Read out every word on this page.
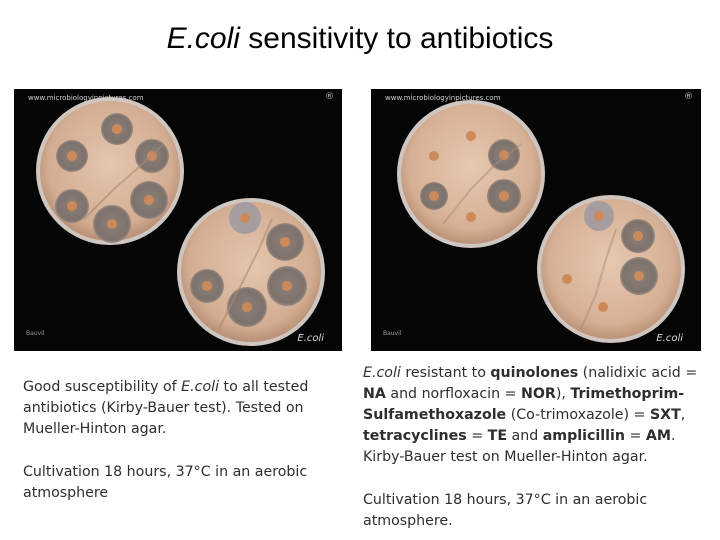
E.coli sensitivity to antibiotics
www.microbiologyinpictures.com	®
Bauvil	E.coli
www.microbiologyinpictures.com	®
Bauvil	E.coli

Good susceptibility of E.coli to all tested antibiotics (Kirby-Bauer test). Tested on Mueller-Hinton agar.

Cultivation 18 hours, 37°C in an aerobic atmosphere

E.coli resistant to quinolones (nalidixic acid = NA and norfloxacin = NOR), Trimethoprim-Sulfamethoxazole (Co-trimoxazole) = SXT, tetracyclines = TE and amplicillin = AM. Kirby-Bauer test on Mueller-Hinton agar.

Cultivation 18 hours, 37°C in an aerobic atmosphere.
